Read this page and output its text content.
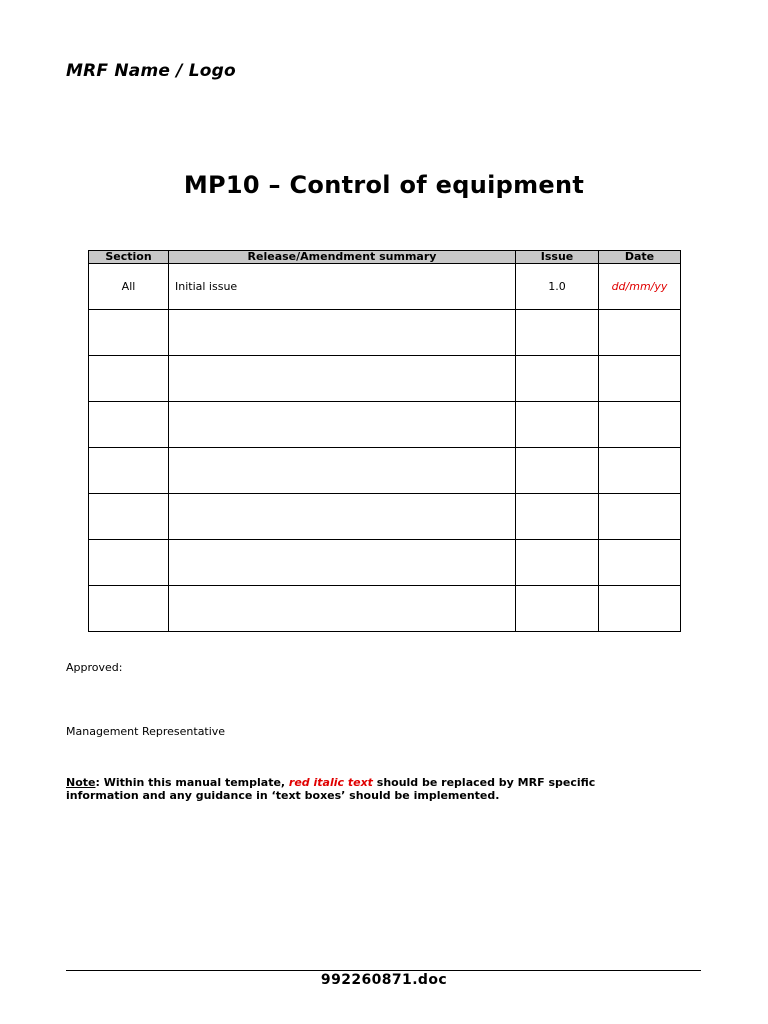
MRF Name / Logo
MP10 – Control of equipment
Section	Release/Amendment summary	Issue	Date
All	Initial issue	1.0	dd/mm/yy

Approved:
Management Representative
Note: Within this manual template, red italic text should be replaced by MRF specific information and any guidance in ‘text boxes’ should be implemented.
992260871.doc
